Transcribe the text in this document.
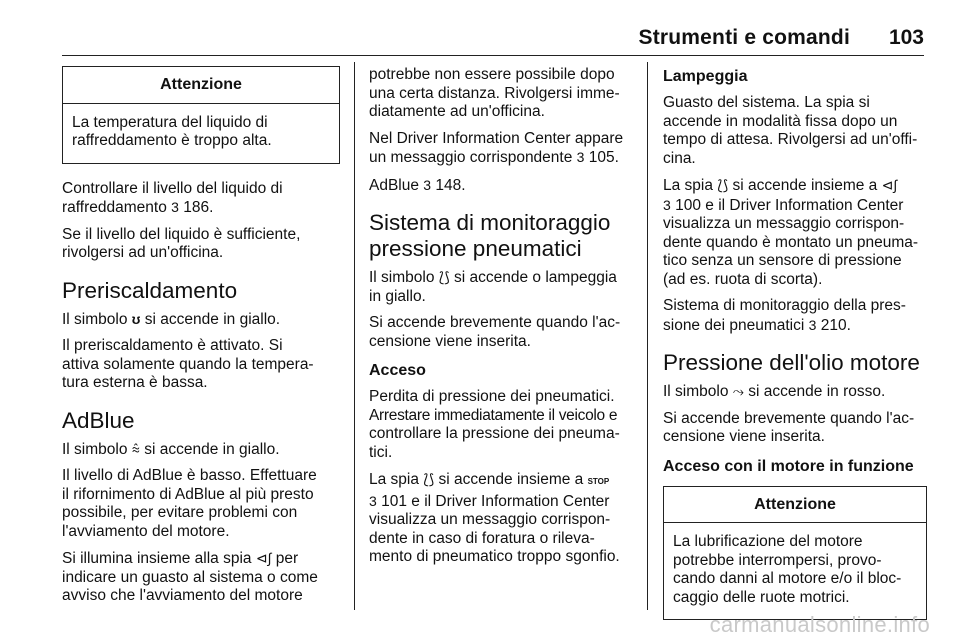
Strumenti e comandi 103
Attenzione
La temperatura del liquido di
raffreddamento è troppo alta.

Controllare il livello del liquido di
raffreddamento 3 186.

Se il livello del liquido è sufficiente,
rivolgersi ad un'officina.

Preriscaldamento

Il simbolo ʊ si accende in giallo.

Il preriscaldamento è attivato. Si
attiva solamente quando la tempera-
tura esterna è bassa.

AdBlue

Il simbolo ⩯ si accende in giallo.

Il livello di AdBlue è basso. Effettuare
il rifornimento di AdBlue al più presto
possibile, per evitare problemi con
l'avviamento del motore.

Si illumina insieme alla spia ⊲∫ per
indicare un guasto al sistema o come
avviso che l'avviamento del motore

potrebbe non essere possibile dopo
una certa distanza. Rivolgersi imme-
diatamente ad un'officina.

Nel Driver Information Center appare
un messaggio corrispondente 3 105.

AdBlue 3 148.

Sistema di monitoraggio
pressione pneumatici

Il simbolo ⟅⟆ si accende o lampeggia
in giallo.

Si accende brevemente quando l'ac-
censione viene inserita.

Acceso

Perdita di pressione dei pneumatici.
Arrestare immediatamente il veicolo e
controllare la pressione dei pneuma-
tici.

La spia ⟅⟆ si accende insieme a STOP
3 101 e il Driver Information Center
visualizza un messaggio corrispon-
dente in caso di foratura o rileva-
mento di pneumatico troppo sgonfio.

Lampeggia

Guasto del sistema. La spia si
accende in modalità fissa dopo un
tempo di attesa. Rivolgersi ad un'offi-
cina.

La spia ⟅⟆ si accende insieme a ⊲∫
3 100 e il Driver Information Center
visualizza un messaggio corrispon-
dente quando è montato un pneuma-
tico senza un sensore di pressione
(ad es. ruota di scorta).

Sistema di monitoraggio della pres-
sione dei pneumatici 3 210.

Pressione dell'olio motore

Il simbolo ⤳ si accende in rosso.

Si accende brevemente quando l'ac-
censione viene inserita.

Acceso con il motore in funzione
Attenzione
La lubrificazione del motore
potrebbe interrompersi, provo-
cando danni al motore e/o il bloc-
caggio delle ruote motrici.
carmanualsonline.info
